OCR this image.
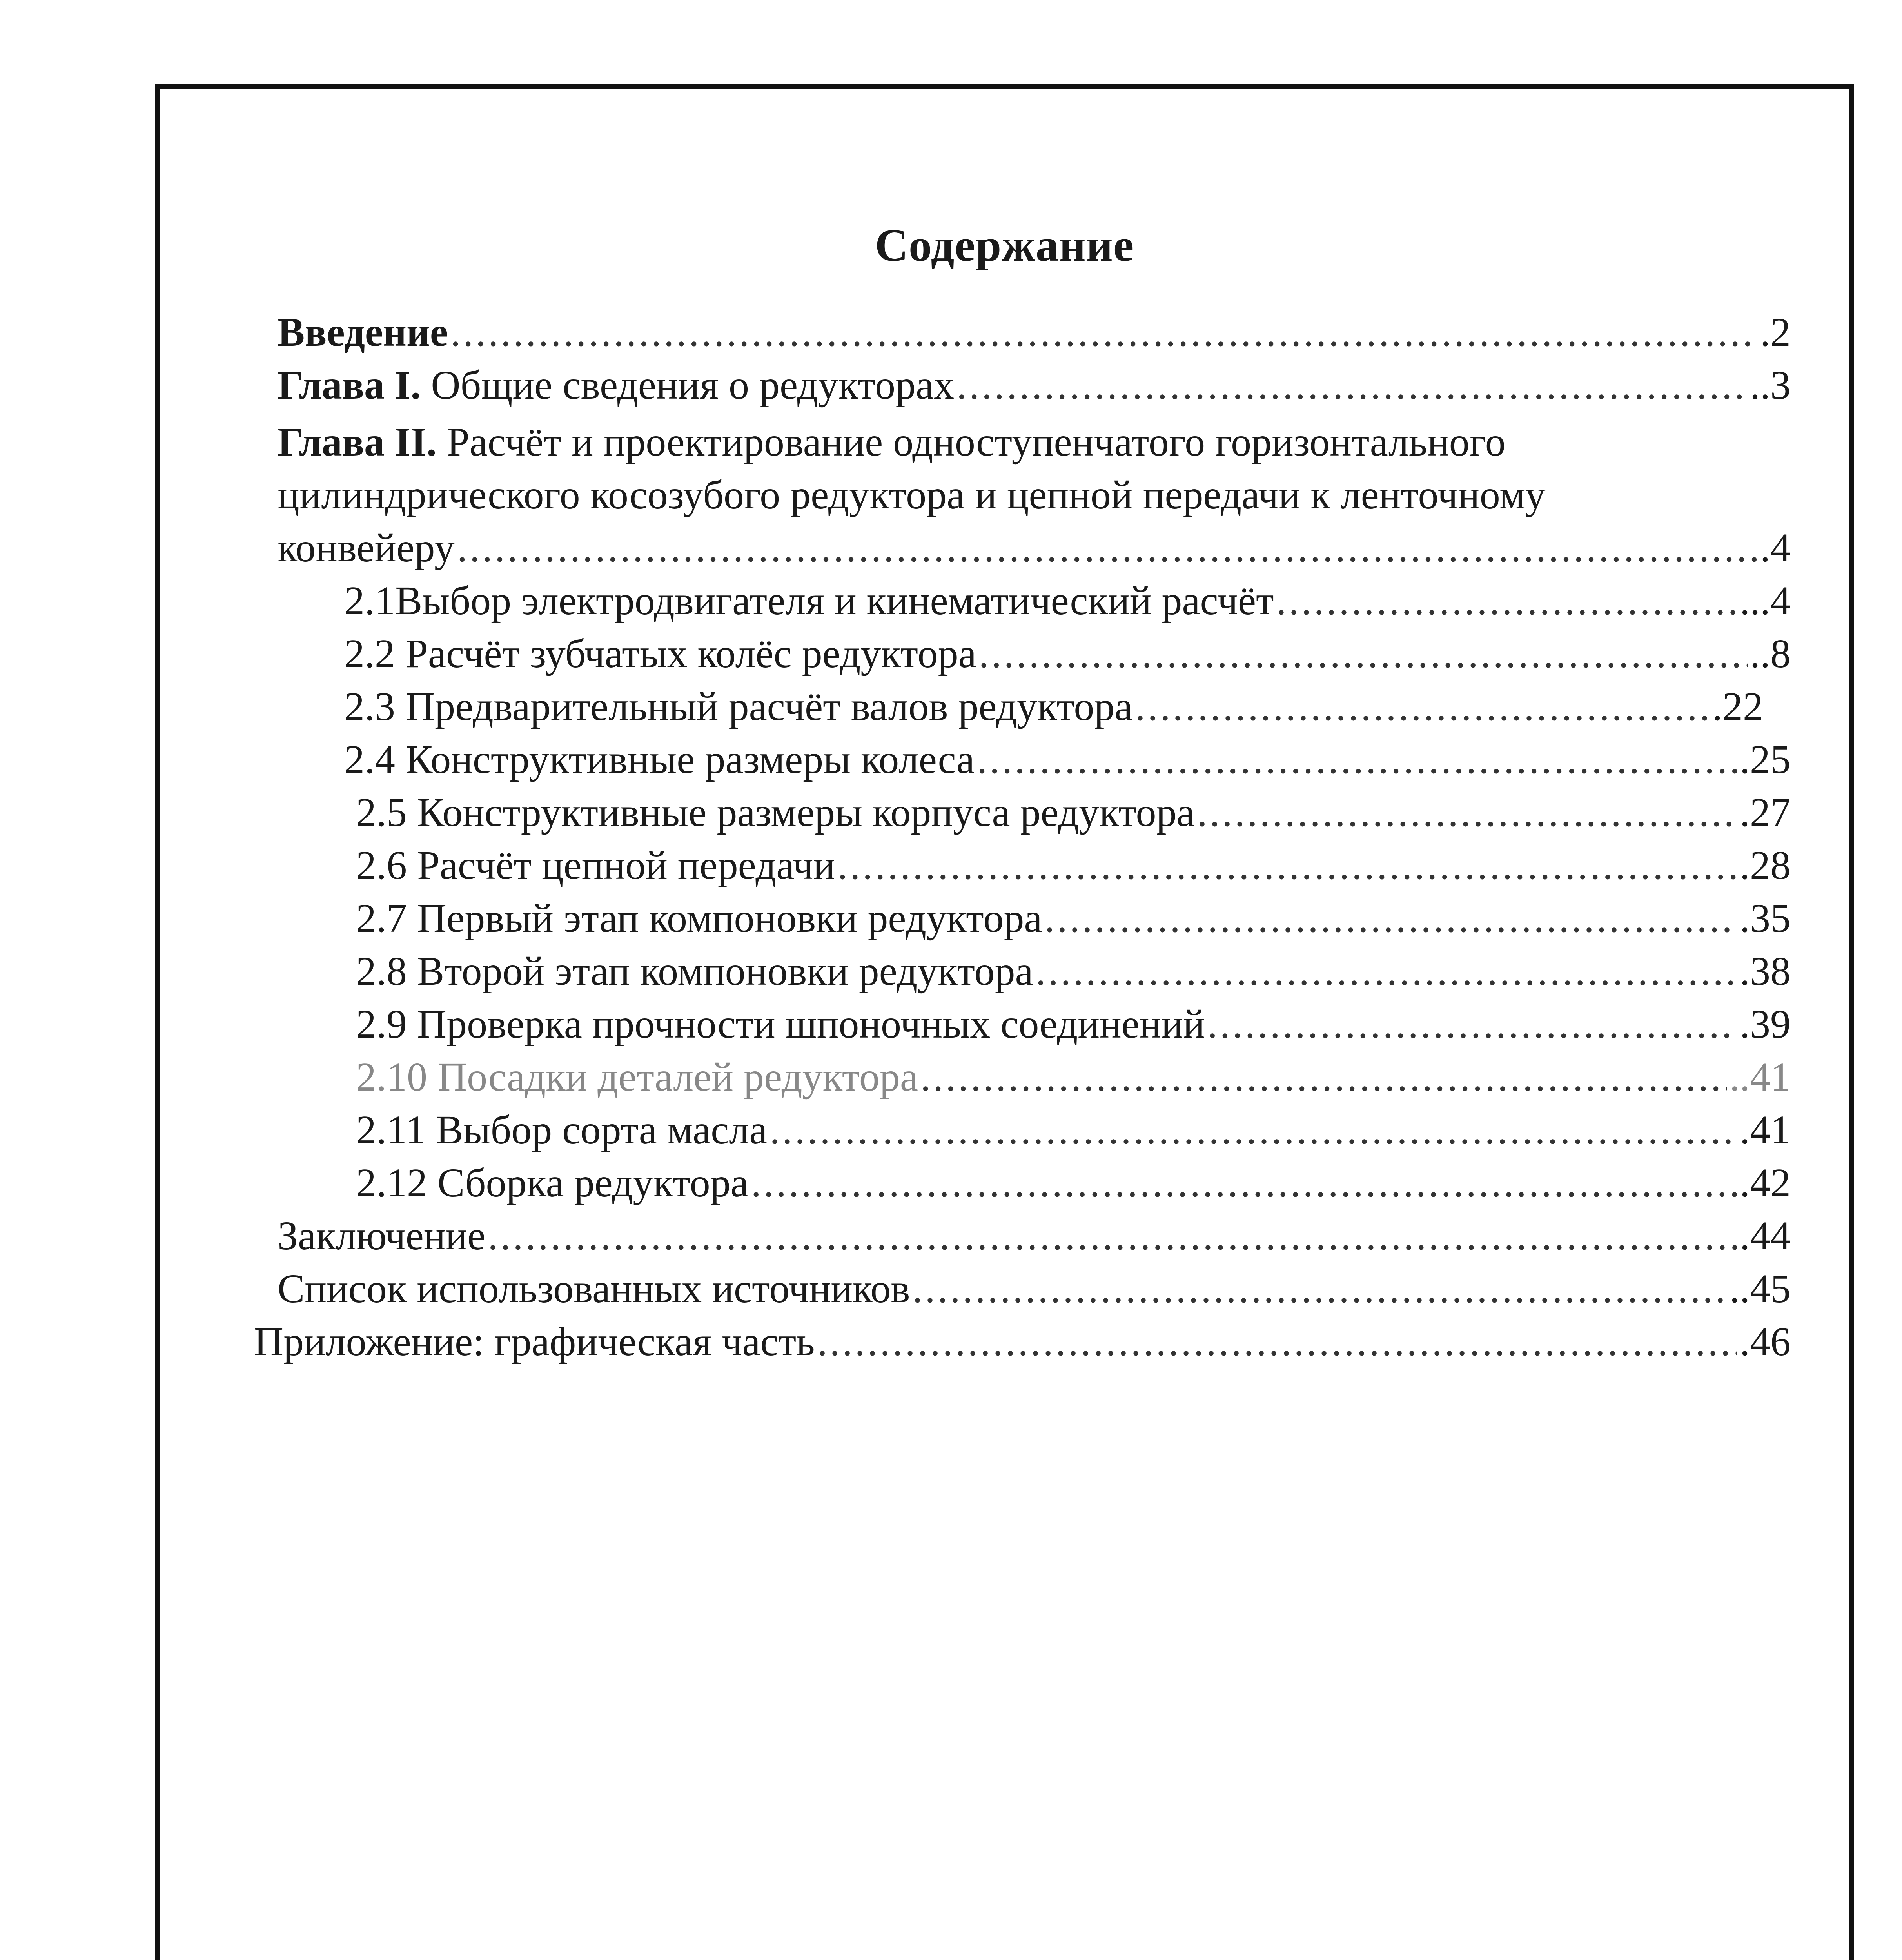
Содержание
Введение .....	.2
Глава I. Общие сведения о редукторах .....	..3
Глава II. Расчёт и проектирование одноступенчатого горизонтального
цилиндрического косозубого редуктора и цепной передачи к ленточному
конвейеру .....	.4
2.1Выбор электродвигателя и кинематический расчёт .....	...4
2.2 Расчёт зубчатых колёс редуктора .....	..8
2.3 Предварительный расчёт валов редуктора .....	.22
2.4 Конструктивные размеры колеса .....	.25
2.5 Конструктивные размеры корпуса редуктора .....	.27
2.6 Расчёт цепной передачи .....	.28
2.7 Первый этап компоновки редуктора .....	.35
2.8 Второй этап компоновки редуктора .....	.38
2.9 Проверка прочности шпоночных соединений .....	.39
2.10 Посадки деталей редуктора .....	..41
2.11 Выбор сорта масла .....	.41
2.12 Сборка редуктора .....	.42
Заключение .....	.44
Список использованных источников .....	..45
Приложение: графическая часть .....	.46
